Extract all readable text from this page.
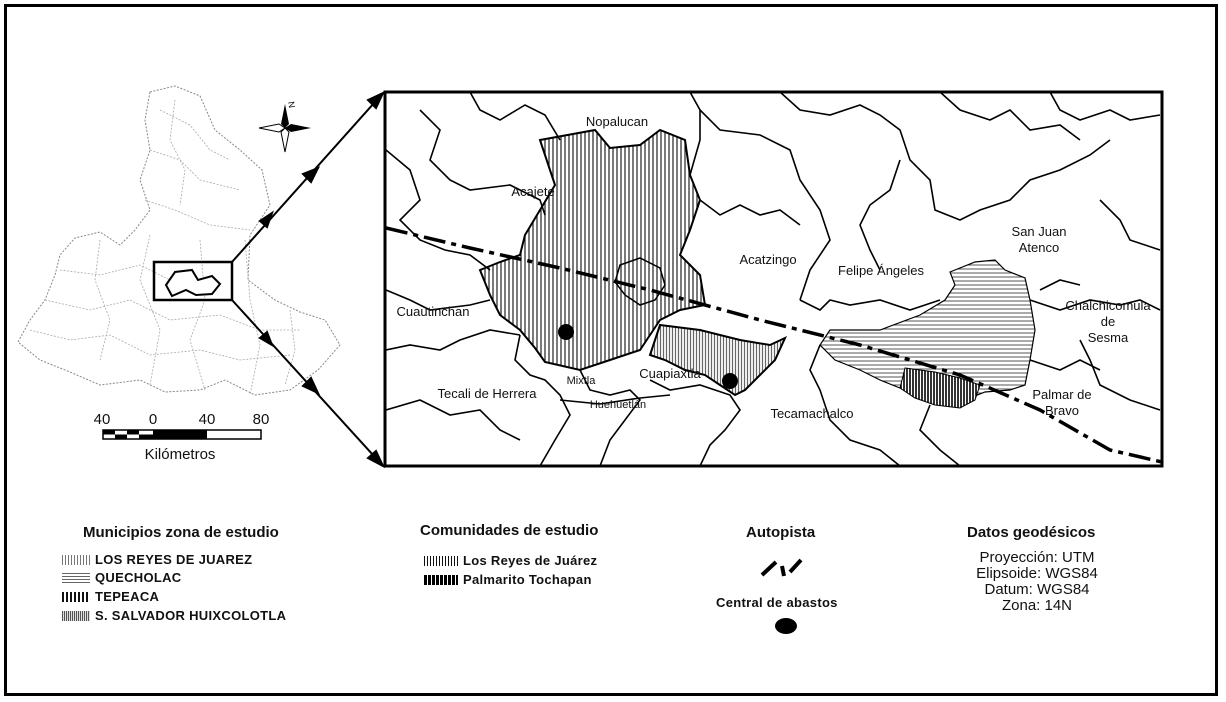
N
40	0	40 80
Kilómetros
Nopalucan
Acajete
Acatzingo
Felipe Ángeles
San Juan
Atenco
Chalchicomula
de
Sesma
Cuautinchan
Tecali de Herrera
Mixtla	Cuapiaxtla
Huehuetlán
Tecamachalco
Palmar de
Bravo
Municipios zona de estudio
LOS REYES DE JUAREZ
QUECHOLAC
TEPEACA
S. SALVADOR HUIXCOLOTLA
Comunidades de estudio
Los Reyes de Juárez
Palmarito Tochapan
Autopista
Central de abastos
Datos geodésicos
Proyección: UTM
Elipsoide: WGS84
Datum: WGS84
Zona: 14N
